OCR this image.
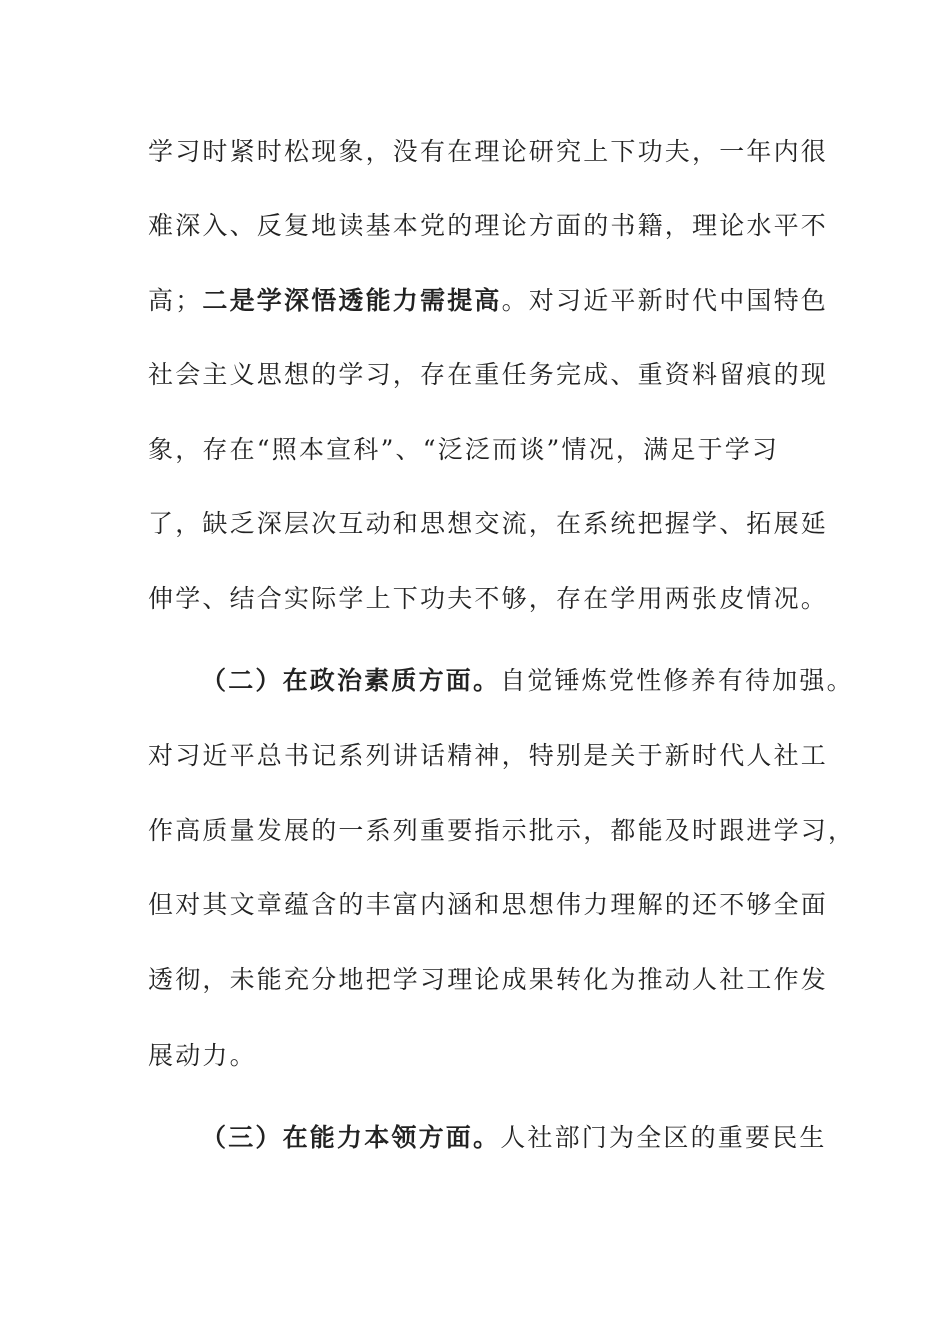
学习时紧时松现象，没有在理论研究上下功夫，一年内很
难深入、反复地读基本党的理论方面的书籍，理论水平不
高；二是学深悟透能力需提高。对习近平新时代中国特色
社会主义思想的学习，存在重任务完成、重资料留痕的现
象，存在“照本宣科”、“泛泛而谈”情况，满足于学习
了，缺乏深层次互动和思想交流，在系统把握学、拓展延
伸学、结合实际学上下功夫不够，存在学用两张皮情况。
（二）在政治素质方面。自觉锤炼党性修养有待加强。
对习近平总书记系列讲话精神，特别是关于新时代人社工
作高质量发展的一系列重要指示批示，都能及时跟进学习，
但对其文章蕴含的丰富内涵和思想伟力理解的还不够全面
透彻，未能充分地把学习理论成果转化为推动人社工作发
展动力。
（三）在能力本领方面。人社部门为全区的重要民生
